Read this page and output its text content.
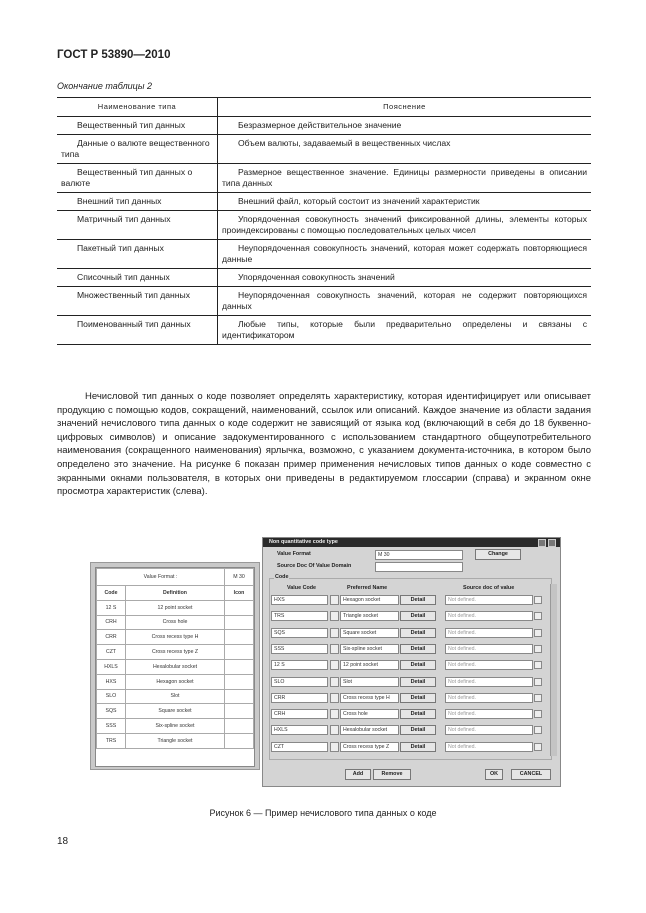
ГОСТ Р 53890—2010
Окончание таблицы 2
Наименование типа	Пояснение

Вещественный тип данных	Безразмерное действительное значение

Данные о валюте вещественного типа	Объем валюты, задаваемый в вещественных числах

Вещественный тип данных о валюте	Размерное вещественное значение. Единицы размерности приведены в описании типа данных

Внешний тип данных	Внешний файл, который состоит из значений характеристик

Матричный тип данных	Упорядоченная совокупность значений фиксированной длины, элементы которых проиндексированы с помощью последовательных целых чисел

Пакетный тип данных	Неупорядоченная совокупность значений, которая может содержать повторяющиеся данные

Списочный тип данных	Упорядоченная совокупность значений

Множественный тип данных	Неупорядоченная совокупность значений, которая не содержит повторяющихся данных

Поименованный тип данных	Любые типы, которые были предварительно определены и связаны с идентификатором
Нечисловой тип данных о коде позволяет определять характеристику, которая идентифицирует или описывает продукцию с помощью кодов, сокращений, наименований, ссылок или описаний. Каждое значение из области задания значений нечислового типа данных о коде содержит не зависящий от языка код (включающий в себя до 18 буквенно-цифровых символов) и описание задокументированного с использованием стандартного общеупотребительного наименования (сокращенного наименования) ярлычка, возможно, с указанием документа-источника, в котором было определено это значение. На рисунке 6 показан пример применения нечисловых типов данных о коде совместно с экранными окнами пользователя, в которых они приведены в редактируемом глоссарии (справа) и экранном окне просмотра характеристик (слева).
Value Format :		M 30
Code	Definition	Icon
12 S	12 point socket	
CRH	Cross hole	
CRR	Cross recess type H	
CZT	Cross recess type Z	
HXLS	Hexalobular socket	
HXS	Hexagon socket	
SLO	Slot	
SQS	Square socket	
SSS	Six-spline socket	
TRS	Triangle socket	
Non quantitative code type
Value Format	M 30	Change
Source Doc Of Value Domain
Code
Value Code	Preferred Name	Source doc of value
HXS	Hexagon socket	Detail	Not defined.
TRS	Triangle socket	Detail	Not defined.
SQS	Square socket	Detail	Not defined.
SSS	Six-spline socket	Detail	Not defined.
12 S	12 point socket	Detail	Not defined.
SLO	Slot	Detail	Not defined.
CRR	Cross recess type H	Detail	Not defined.
CRH	Cross hole	Detail	Not defined.
HXLS	Hexalobular socket	Detail	Not defined.
CZT	Cross recess type Z	Detail	Not defined.
Add	Remove	OK	CANCEL
Рисунок 6 — Пример нечислового типа данных о коде
18
